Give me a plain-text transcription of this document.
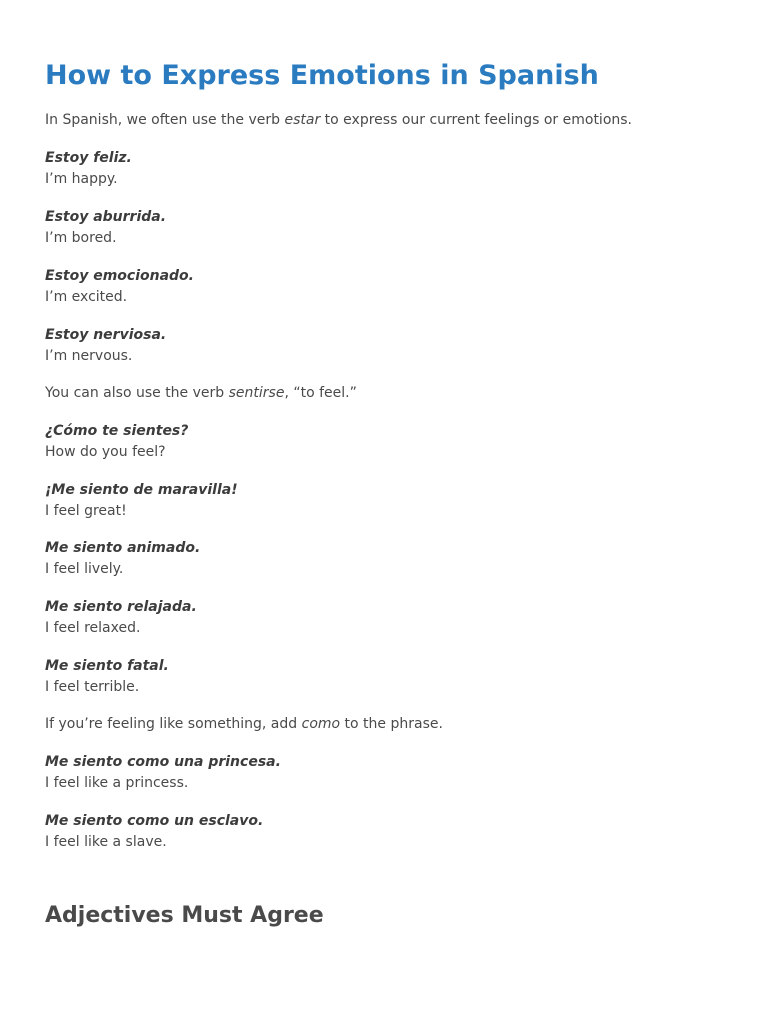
How to Express Emotions in Spanish

In Spanish, we often use the verb estar to express our current feelings or emotions.

Estoy feliz.
I’m happy.
Estoy aburrida.
I’m bored.
Estoy emocionado.
I’m excited.
Estoy nerviosa.
I’m nervous.

You can also use the verb sentirse, “to feel.”

¿Cómo te sientes?
How do you feel?
¡Me siento de maravilla!
I feel great!
Me siento animado.
I feel lively.
Me siento relajada.
I feel relaxed.
Me siento fatal.
I feel terrible.

If you’re feeling like something, add como to the phrase.

Me siento como una princesa.
I feel like a princess.
Me siento como un esclavo.
I feel like a slave.
Adjectives Must Agree
